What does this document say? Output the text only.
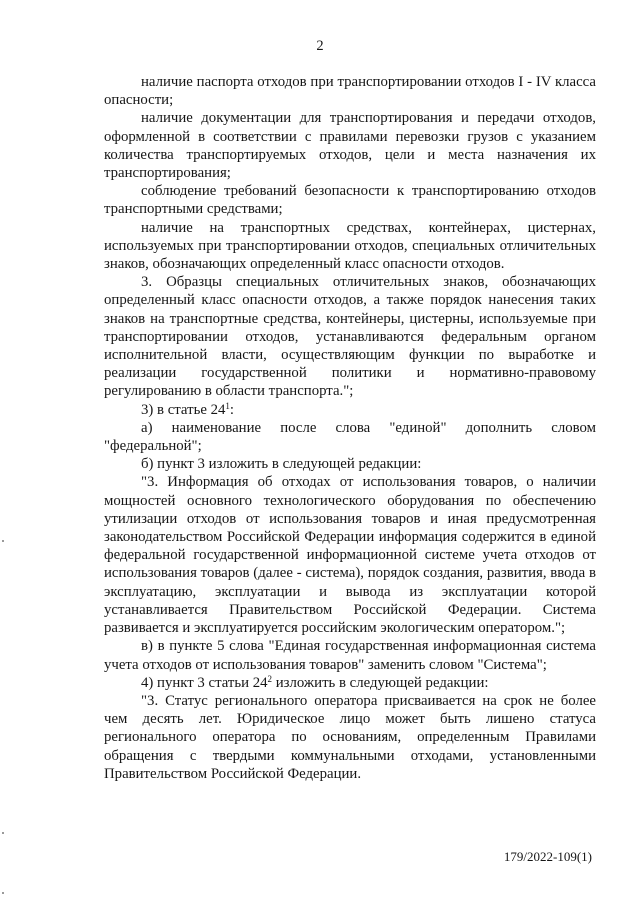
2

наличие паспорта отходов при транспортировании отходов I - IV класса опасности;

наличие документации для транспортирования и передачи отходов, оформленной в соответствии с правилами перевозки грузов с указанием количества транспортируемых отходов, цели и места назначения их транспортирования;

соблюдение требований безопасности к транспортированию отходов транспортными средствами;

наличие на транспортных средствах, контейнерах, цистернах, используемых при транспортировании отходов, специальных отличительных знаков, обозначающих определенный класс опасности отходов.

3. Образцы специальных отличительных знаков, обозначающих определенный класс опасности отходов, а также порядок нанесения таких знаков на транспортные средства, контейнеры, цистерны, используемые при транспортировании отходов, устанавливаются федеральным органом исполнительной власти, осуществляющим функции по выработке и реализации государственной политики и нормативно-правовому регулированию в области транспорта.";

3) в статье $24^1$:

а) наименование после слова "единой" дополнить словом "федеральной";

б) пункт 3 изложить в следующей редакции:

"3. Информация об отходах от использования товаров, о наличии мощностей основного технологического оборудования по обеспечению утилизации отходов от использования товаров и иная предусмотренная законодательством Российской Федерации информация содержится в единой федеральной государственной информационной системе учета отходов от использования товаров (далее - система), порядок создания, развития, ввода в эксплуатацию, эксплуатации и вывода из эксплуатации которой устанавливается Правительством Российской Федерации. Система развивается и эксплуатируется российским экологическим оператором.";

в) в пункте 5 слова "Единая государственная информационная система учета отходов от использования товаров" заменить словом "Система";

4) пункт 3 статьи $24^2$ изложить в следующей редакции:

"3. Статус регионального оператора присваивается на срок не более чем десять лет. Юридическое лицо может быть лишено статуса регионального оператора по основаниям, определенным Правилами обращения с твердыми коммунальными отходами, установленными Правительством Российской Федерации.

179/2022-109(1)
